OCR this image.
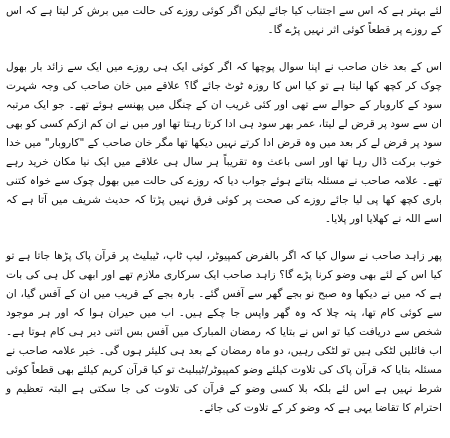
لئے بہتر ہے کہ اس سے اجتناب کیا جائے لیکن اگر کوئی روزے کی حالت میں برش کر لیتا ہے کہ اس کے روزے پر قطعاً کوئی اثر نہیں پڑے گا۔

اس کے بعد خان صاحب نے اپنا سوال پوچھا کہ اگر کوئی ایک ہی روزے میں ایک سے زائد بار بھول چوک کر کچھ کھا لیتا ہے تو کیا اس کا روزہ ٹوٹ جائے گا؟ علاقے میں خان صاحب کی وجہ شہرت سود کے کاروبار کے حوالے سے تھی اور کئی غریب ان کے چنگل میں پھنسے ہوئے تھے۔ جو ایک مرتبہ ان سے سود پر قرض لے لیتا، عمر بھر سود ہی ادا کرتا رہتا تھا اور میں نے ان کم ازکم کسی کو بھی سود پر قرض لے کر بعد میں وہ قرض ادا کرتے نہیں دیکھا تھا مگر خان صاحب کے "کاروبار" میں خدا خوب برکت ڈال رہا تھا اور اسی باعث وہ تقریباً ہر سال ہی علاقے میں ایک نیا مکان خرید رہے تھے۔ علامہ صاحب نے مسئلہ بتاتے ہوئے جواب دیا کہ روزے کی حالت میں بھول چوک سے خواہ کتنی باری کچھ کھا پی لیا جائے روزے کی صحت پر کوئی فرق نہیں پڑتا کہ حدیث شریف میں آتا ہے کہ اسے اللہ نے کھلایا اور پلایا۔

پھر زاہد صاحب نے سوال کیا کہ اگر بالفرض کمپیوٹر، لیپ ٹاپ، ٹیبلیٹ پر قرآن پاک پڑھا جاتا ہے تو کیا اس کے لئے بھی وضو کرنا پڑے گا؟ زاہد صاحب ایک سرکاری ملازم تھے اور ابھی کل ہی کی بات ہے کہ میں نے دیکھا وہ صبح نو بجے گھر سے آفس گئے۔ بارہ بجے کے قریب میں ان کے آفس گیا، ان سے کوئی کام تھا، پتہ چلا کہ وہ گھر واپس جا چکے ہیں۔ اب میں حیران ہوا کہ اور ہر موجود شخص سے دریافت کیا تو اس نے بتایا کہ رمضان المبارک میں آفس بس اتنی دیر ہی کام ہوتا ہے۔ اب فائلیں لٹکی ہیں تو لٹکی رہیں، دو ماہ رمضان کے بعد ہی کلیئر ہوں گی۔ خیر علامہ صاحب نے مسئلہ بتایا کہ قرآن پاک کی تلاوت کیلئے وضو کمپیوٹر/ٹیبلیٹ تو کیا قرآن کریم کیلئے بھی قطعاً کوئی شرط نہیں ہے اس لئے بلکہ بلا کسی وضو کے قرآن کی تلاوت کی جا سکتی ہے البتہ تعظیم و احترام کا تقاضا یہی ہے کہ وضو کر کے تلاوت کی جائے۔
